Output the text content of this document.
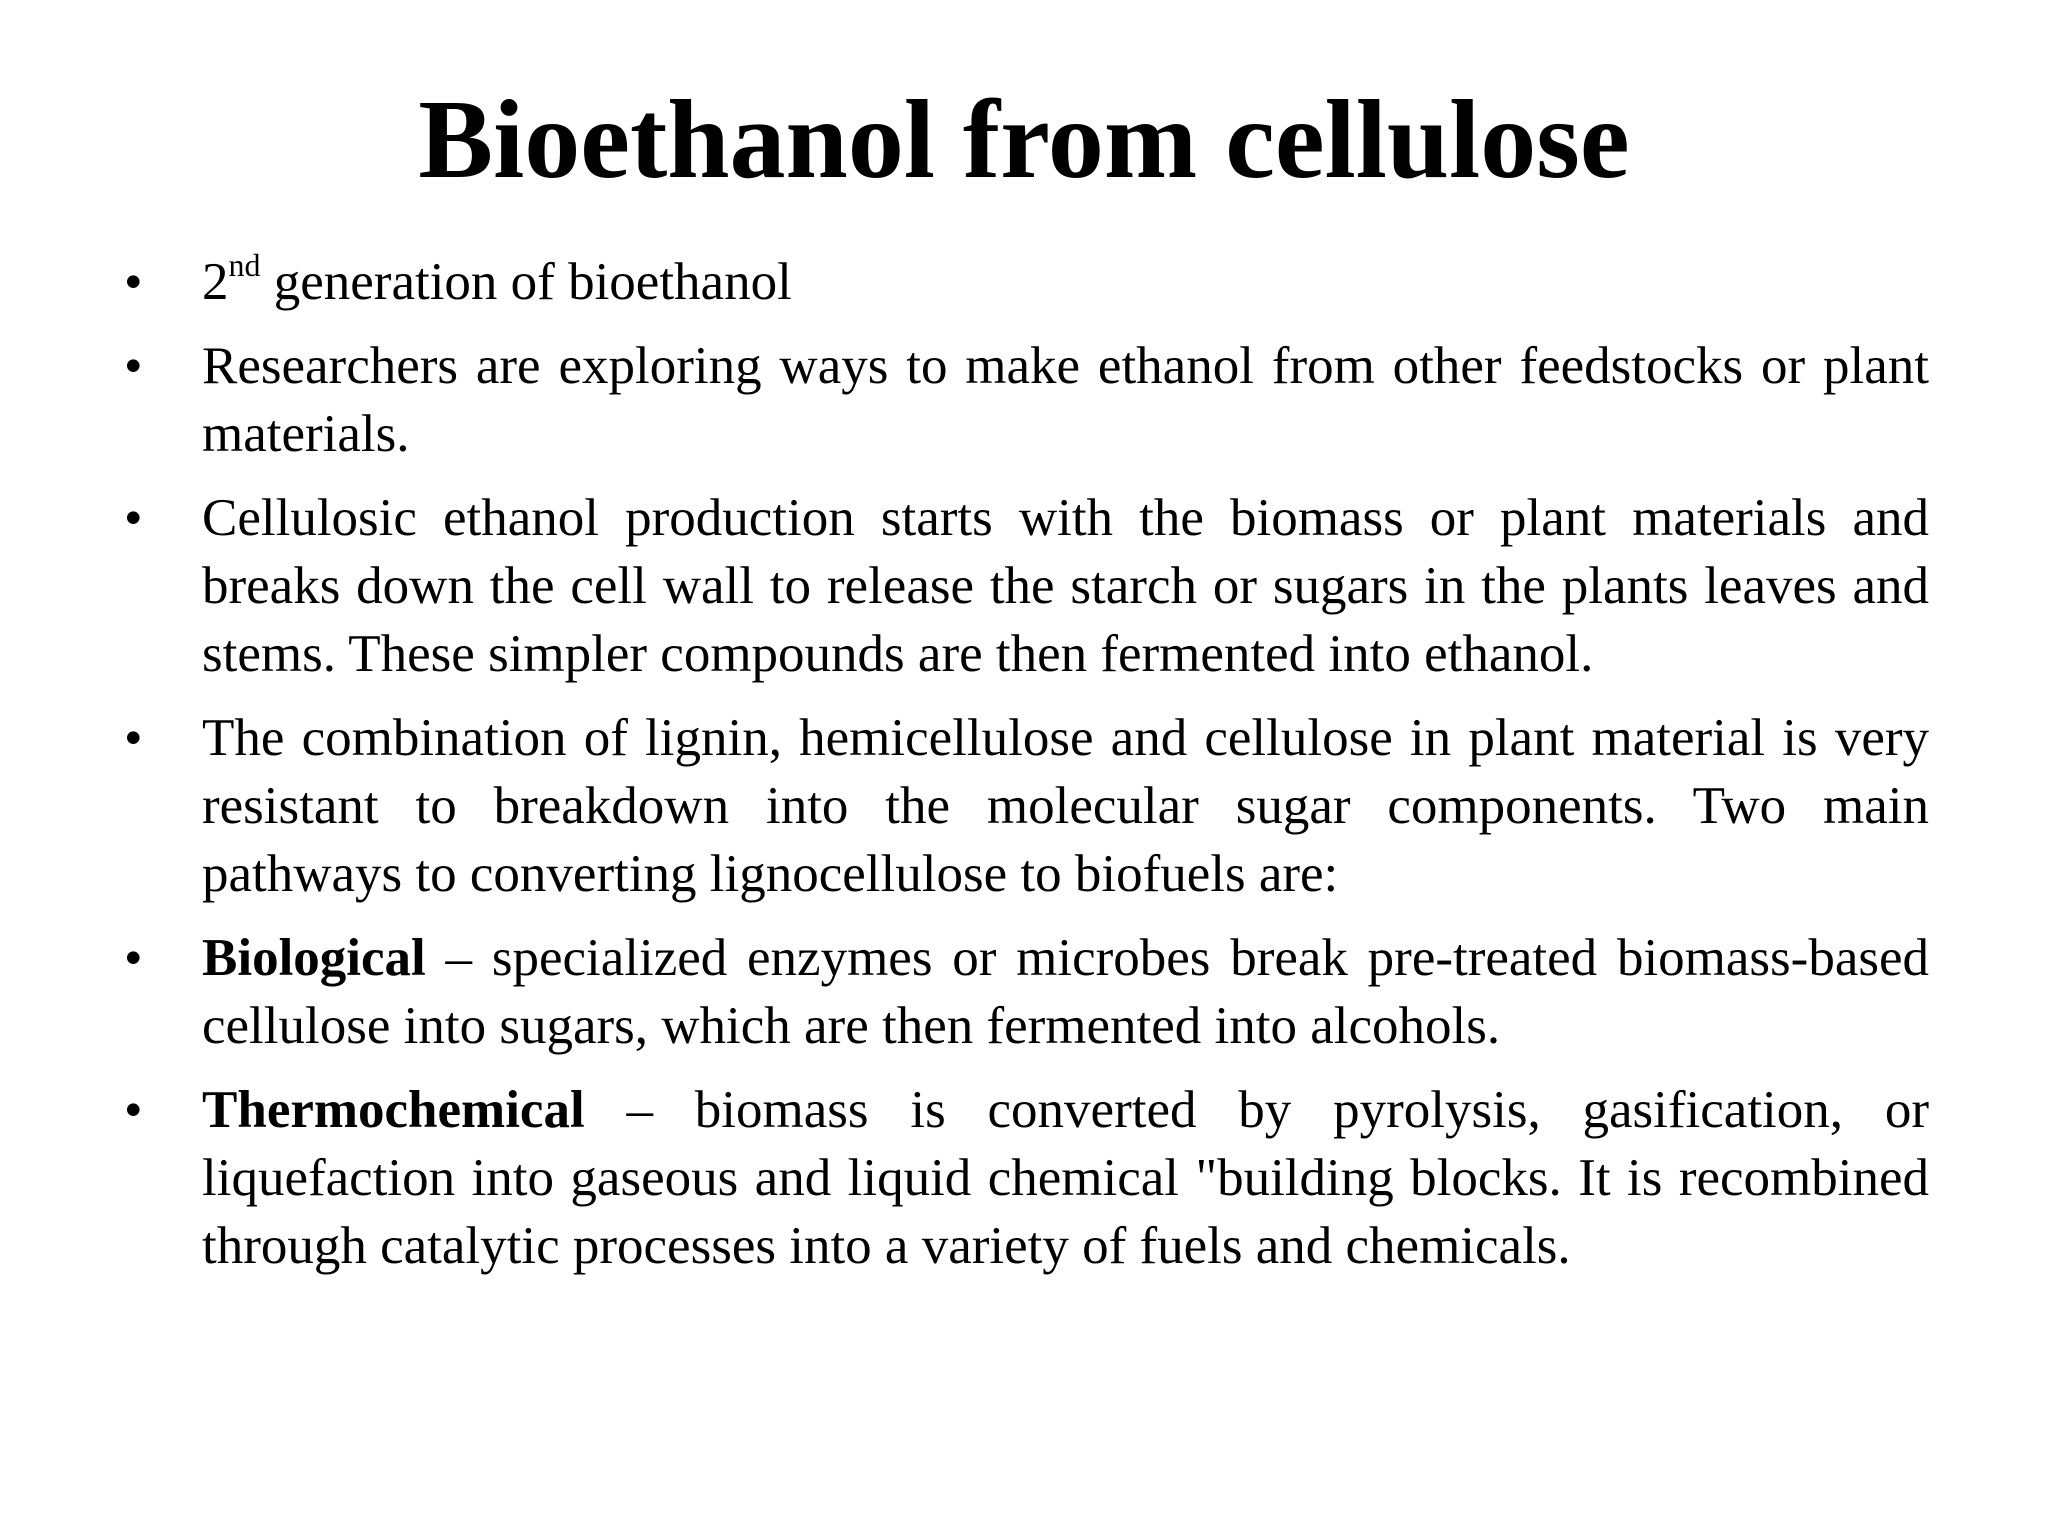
Bioethanol from cellulose
•	2nd generation of bioethanol
•	Researchers are exploring ways to make ethanol from other feedstocks or plant materials.
•	Cellulosic ethanol production starts with the biomass or plant materials and breaks down the cell wall to release the starch or sugars in the plants leaves and stems. These simpler compounds are then fermented into ethanol.
•	The combination of lignin, hemicellulose and cellulose in plant material is very resistant to breakdown into the molecular sugar components. Two main pathways to converting lignocellulose to biofuels are:
•	Biological – specialized enzymes or microbes break pre-treated biomass-based cellulose into sugars, which are then fermented into alcohols.
•	Thermochemical – biomass is converted by pyrolysis, gasification, or liquefaction into gaseous and liquid chemical "building blocks. It is recombined through catalytic processes into a variety of fuels and chemicals.
